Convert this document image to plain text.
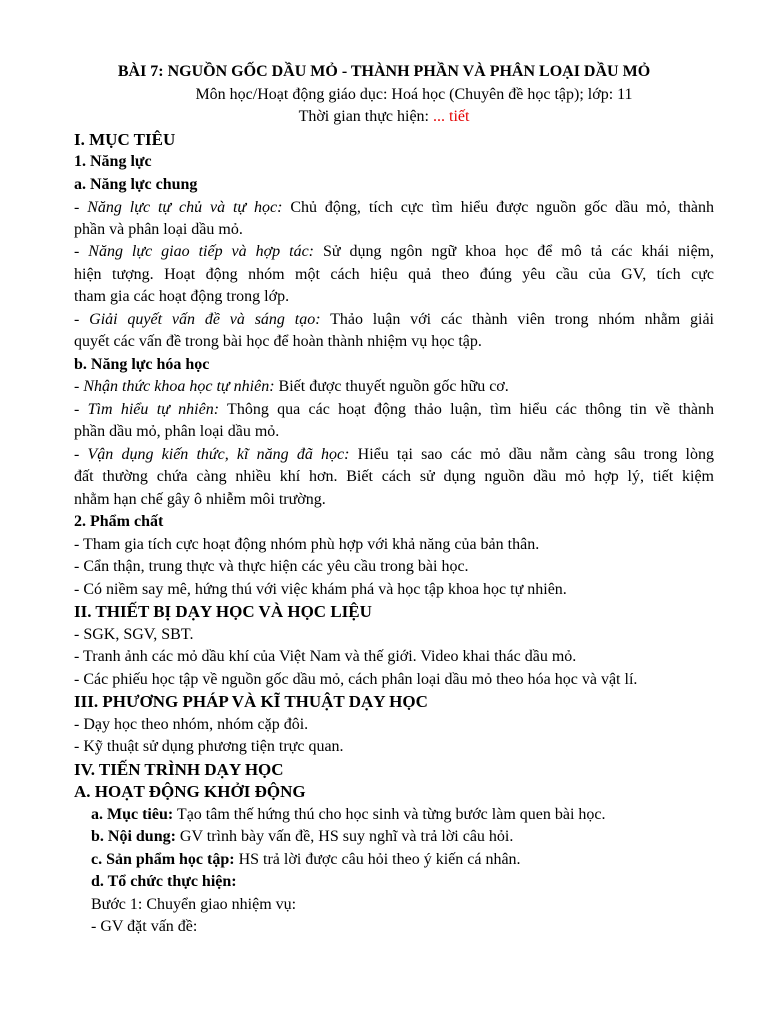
BÀI 7: NGUỒN GỐC DẦU MỎ - THÀNH PHẦN VÀ PHÂN LOẠI DẦU MỎ
Môn học/Hoạt động giáo dục: Hoá học (Chuyên đề học tập); lớp: 11
Thời gian thực hiện: ... tiết
I. MỤC TIÊU
1. Năng lực
a. Năng lực chung
- Năng lực tự chủ và tự học: Chủ động, tích cực tìm hiểu được nguồn gốc dầu mỏ, thành
phần và phân loại dầu mỏ.
- Năng lực giao tiếp và hợp tác: Sử dụng ngôn ngữ khoa học để mô tả các khái niệm,
hiện tượng. Hoạt động nhóm một cách hiệu quả theo đúng yêu cầu của GV, tích cực
tham gia các hoạt động trong lớp.
- Giải quyết vấn đề và sáng tạo: Thảo luận với các thành viên trong nhóm nhằm giải
quyết các vấn đề trong bài học để hoàn thành nhiệm vụ học tập.
b. Năng lực hóa học
- Nhận thức khoa học tự nhiên: Biết được thuyết nguồn gốc hữu cơ.
- Tìm hiểu tự nhiên: Thông qua các hoạt động thảo luận, tìm hiểu các thông tin về thành
phần dầu mỏ, phân loại dầu mỏ.
- Vận dụng kiến thức, kĩ năng đã học: Hiểu tại sao các mỏ dầu nằm càng sâu trong lòng
đất thường chứa càng nhiều khí hơn. Biết cách sử dụng nguồn dầu mỏ hợp lý, tiết kiệm
nhằm hạn chế gây ô nhiễm môi trường.
2. Phẩm chất
- Tham gia tích cực hoạt động nhóm phù hợp với khả năng của bản thân.
- Cẩn thận, trung thực và thực hiện các yêu cầu trong bài học.
- Có niềm say mê, hứng thú với việc khám phá và học tập khoa học tự nhiên.
II. THIẾT BỊ DẠY HỌC VÀ HỌC LIỆU
- SGK, SGV, SBT.
- Tranh ảnh các mỏ dầu khí của Việt Nam và thế giới. Video khai thác dầu mỏ.
- Các phiếu học tập về nguồn gốc dầu mỏ, cách phân loại dầu mỏ theo hóa học và vật lí.
III. PHƯƠNG PHÁP VÀ KĨ THUẬT DẠY HỌC
- Dạy học theo nhóm, nhóm cặp đôi.
- Kỹ thuật sử dụng phương tiện trực quan.
IV. TIẾN TRÌNH DẠY HỌC
A. HOẠT ĐỘNG KHỞI ĐỘNG
a. Mục tiêu: Tạo tâm thế hứng thú cho học sinh và từng bước làm quen bài học.
b. Nội dung: GV trình bày vấn đề, HS suy nghĩ và trả lời câu hỏi.
c. Sản phẩm học tập: HS trả lời được câu hỏi theo ý kiến cá nhân.
d. Tổ chức thực hiện:
Bước 1: Chuyển giao nhiệm vụ:
- GV đặt vấn đề:
